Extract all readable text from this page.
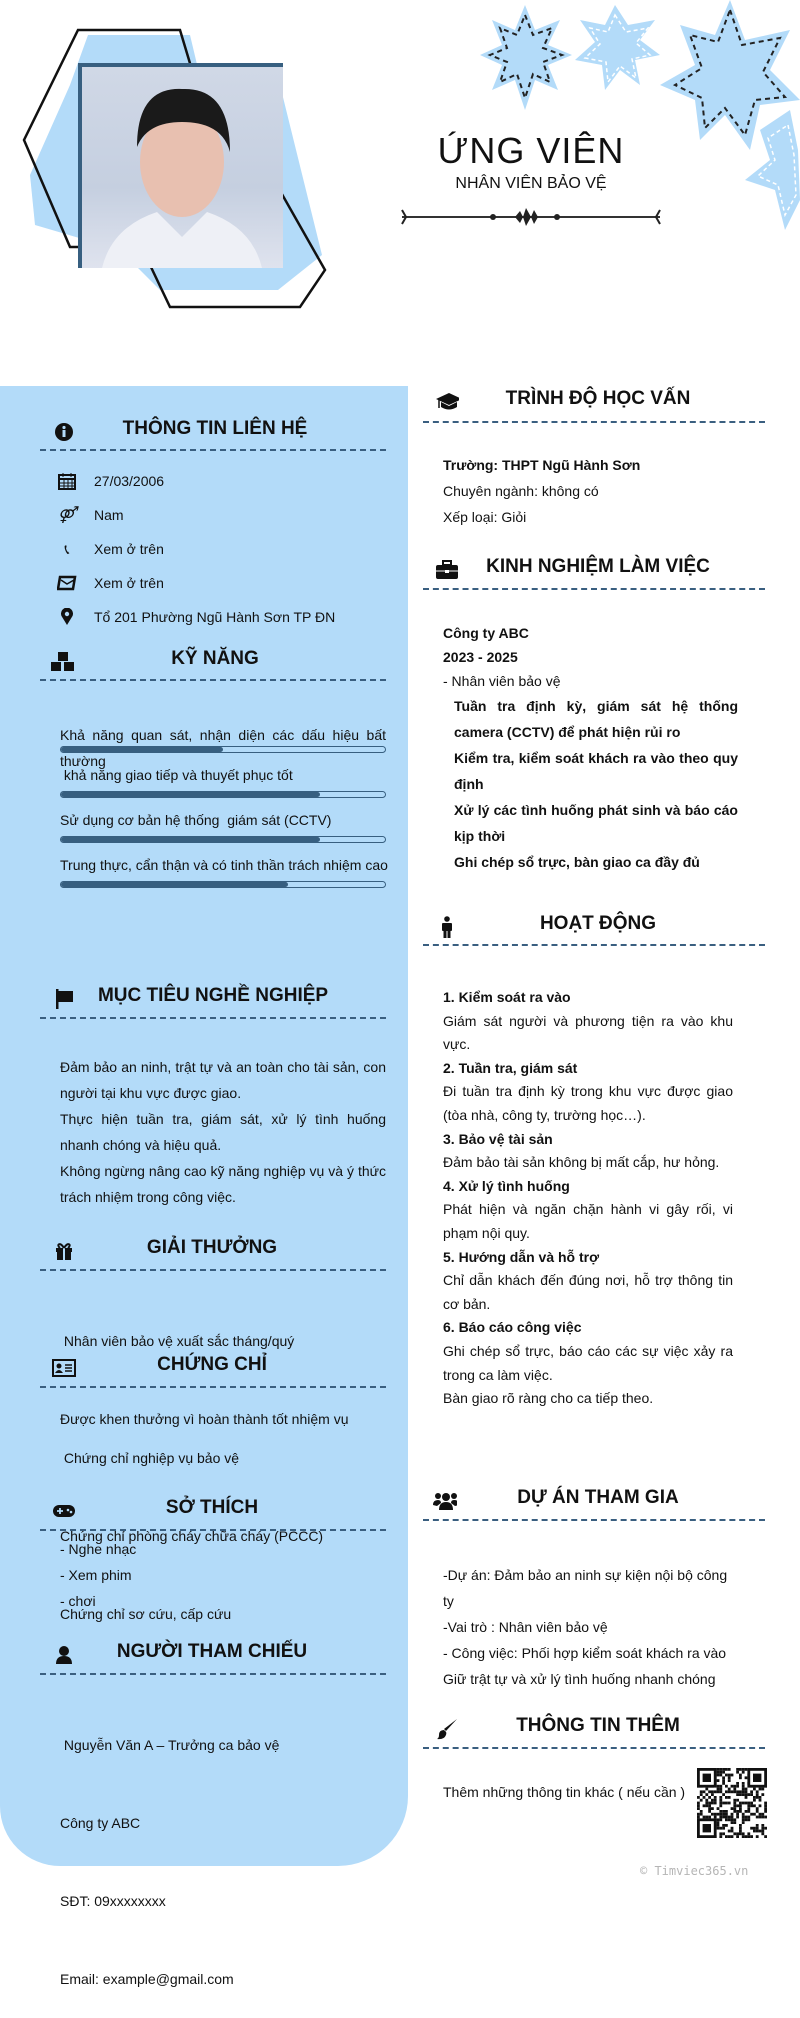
ỨNG VIÊN
NHÂN VIÊN BẢO VỆ
THÔNG TIN LIÊN HỆ
27/03/2006
⚤ Nam
📞︎	Xem ở trên
Xem ở trên
Tổ 201 Phường Ngũ Hành Sơn TP ĐN
KỸ NĂNG
Khả năng quan sát, nhận diện các dấu hiệu bất thường
khả năng giao tiếp và thuyết phục tốt
Sử dụng cơ bản hệ thống  giám sát (CCTV)
Trung thực, cẩn thận và có tinh thần trách nhiệm cao
MỤC TIÊU NGHỀ NGHIỆP
Đảm bảo an ninh, trật tự và an toàn cho tài sản, con người tại khu vực được giao.
Thực hiện tuần tra, giám sát, xử lý tình huống nhanh chóng và hiệu quả.
Không ngừng nâng cao kỹ năng nghiệp vụ và ý thức trách nhiệm trong công việc.
GIẢI THƯỞNG

Nhân viên bảo vệ xuất sắc tháng/quý

Được khen thưởng vì hoàn thành tốt nhiệm vụ

CHỨNG CHỈ

Chứng chỉ nghiệp vụ bảo vệ

Chứng chỉ phòng cháy chữa cháy (PCCC)

Chứng chỉ sơ cứu, cấp cứu

SỞ THÍCH
- Nghe nhạc
- Xem phim
- chơi
NGƯỜI THAM CHIẾU

Nguyễn Văn A – Trưởng ca bảo vệ

Công ty ABC

SĐT: 09xxxxxxxx

Email: example@gmail.com

TRÌNH ĐỘ HỌC VẤN
Trường: THPT Ngũ Hành Sơn
Chuyên ngành: không có
Xếp loại: Giỏi
KINH NGHIỆM LÀM VIỆC
Công ty ABC
2023 - 2025
- Nhân viên bảo vệ
Tuần tra định kỳ, giám sát hệ thống camera (CCTV) để phát hiện rủi ro
Kiểm tra, kiểm soát khách ra vào theo quy định
Xử lý các tình huống phát sinh và báo cáo kịp thời
Ghi chép sổ trực, bàn giao ca đầy đủ
HOẠT ĐỘNG
1. Kiểm soát ra vào
Giám sát người và phương tiện ra vào khu vực.
2. Tuần tra, giám sát
Đi tuần tra định kỳ trong khu vực được giao (tòa nhà, công ty, trường học…).
3. Bảo vệ tài sản
Đảm bảo tài sản không bị mất cắp, hư hỏng.
4. Xử lý tình huống
Phát hiện và ngăn chặn hành vi gây rối, vi phạm nội quy.
5. Hướng dẫn và hỗ trợ
Chỉ dẫn khách đến đúng nơi, hỗ trợ thông tin cơ bản.
6. Báo cáo công việc
Ghi chép sổ trực, báo cáo các sự việc xảy ra trong ca làm việc.
Bàn giao rõ ràng cho ca tiếp theo.
DỰ ÁN THAM GIA
-Dự án: Đảm bảo an ninh sự kiện nội bộ công ty
-Vai trò : Nhân viên bảo vệ
- Công việc: Phối hợp kiểm soát khách ra vào
Giữ trật tự và xử lý tình huống nhanh chóng
THÔNG TIN THÊM
Thêm những thông tin khác ( nếu cần )
© Timviec365.vn
